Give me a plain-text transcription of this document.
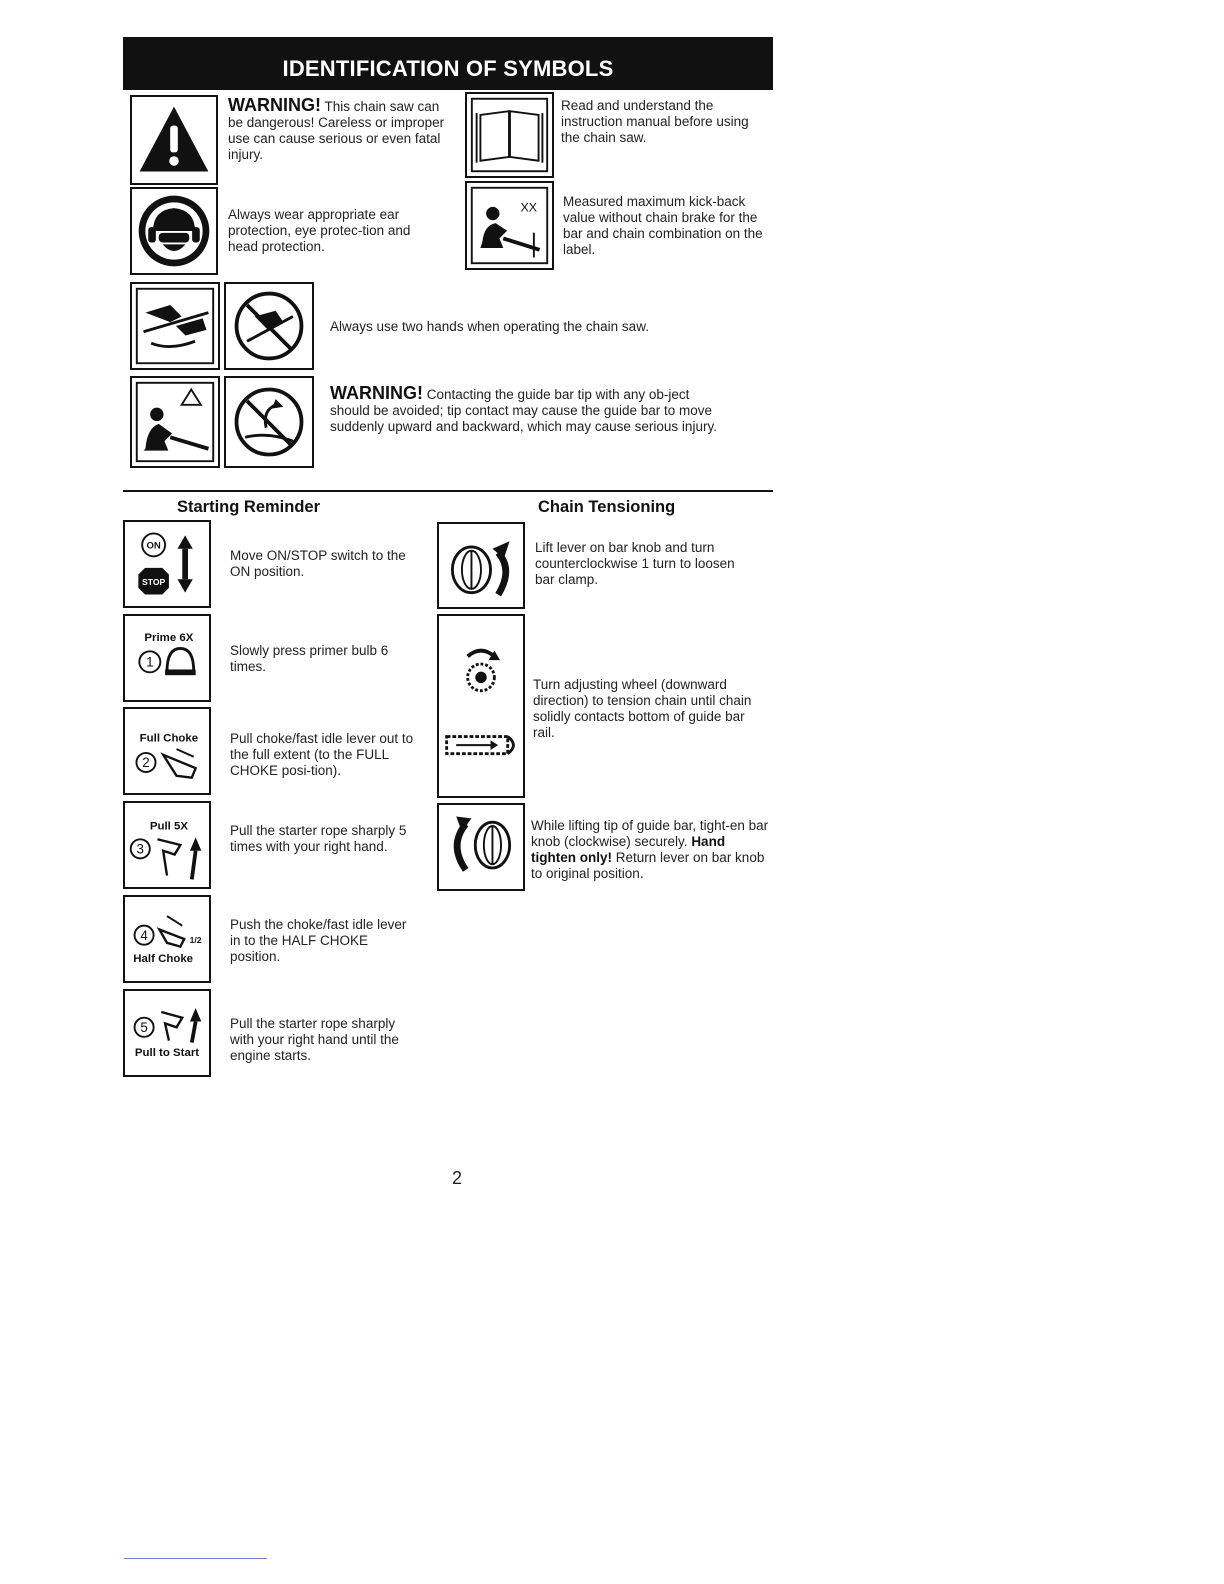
IDENTIFICATION OF SYMBOLS
WARNING! This chain saw can be dangerous! Careless or improper use can cause serious or even fatal injury.
Always wear appropriate ear protection, eye protec-tion and head protection.
Read and understand the instruction manual before using the chain saw.
XX Measured maximum kick-back value without chain brake for the bar and chain combination on the label.
Always use two hands when operating the chain saw.
WARNING! Contacting the guide bar tip with any ob-ject should be avoided; tip contact may cause the guide bar to move suddenly upward and backward, which may cause serious injury.
Starting Reminder	Chain Tensioning
ON
STOP
Move ON/STOP switch to the ON position.
Prime 6X
1
Slowly press primer bulb 6 times.
Full Choke
2
Pull choke/fast idle lever out to the full extent (to the FULL CHOKE posi-tion).
Pull 5X
3
Pull the starter rope sharply 5 times with your right hand.
4	1/2
Half Choke
Push the choke/fast idle lever in to the HALF CHOKE position.
5
Pull to Start
Pull the starter rope sharply with your right hand until the engine starts.
Lift lever on bar knob and turn counterclockwise 1 turn to loosen bar clamp.
Turn adjusting wheel (downward direction) to tension chain until chain solidly contacts bottom of guide bar rail.
While lifting tip of guide bar, tight-en bar knob (clockwise) securely. Hand tighten only! Return lever on bar knob to original position.
2
